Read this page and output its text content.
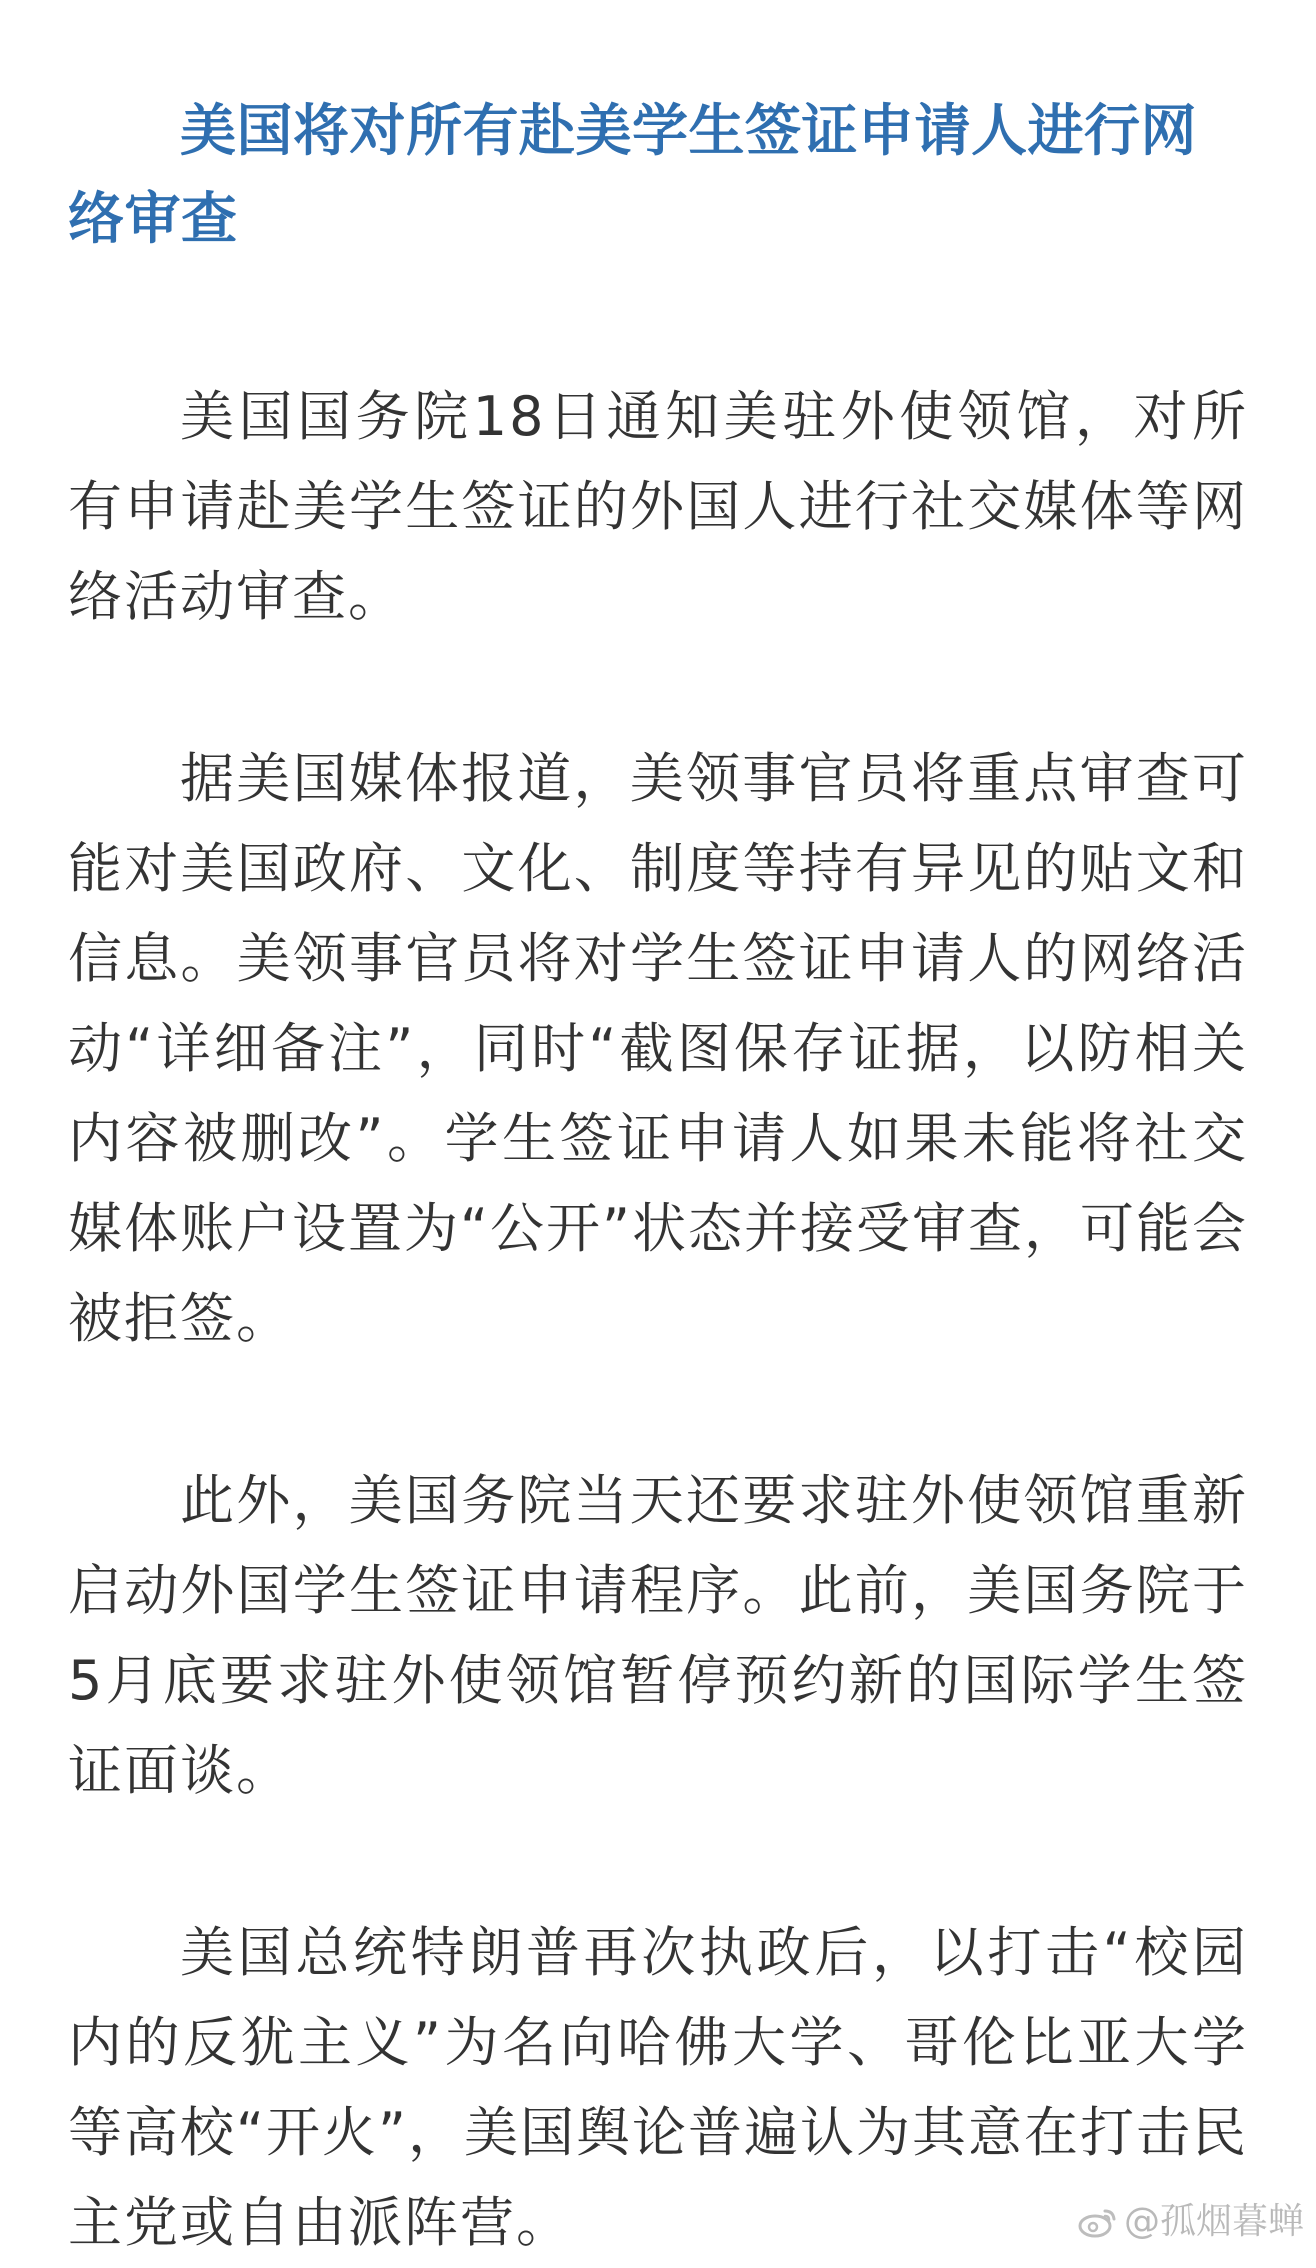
美国将对所有赴美学生签证申请人进行网络审查

美国国务院18日通知美驻外使领馆，对所有申请赴美学生签证的外国人进行社交媒体等网络活动审查。

据美国媒体报道，美领事官员将重点审查可能对美国政府、文化、制度等持有异见的贴文和信息。美领事官员将对学生签证申请人的网络活动“详细备注”，同时“截图保存证据，以防相关内容被删改”。学生签证申请人如果未能将社交媒体账户设置为“公开”状态并接受审查，可能会被拒签。

此外，美国务院当天还要求驻外使领馆重新启动外国学生签证申请程序。此前，美国务院于5月底要求驻外使领馆暂停预约新的国际学生签证面谈。

美国总统特朗普再次执政后，以打击“校园内的反犹主义”为名向哈佛大学、哥伦比亚大学等高校“开火”，美国舆论普遍认为其意在打击民主党或自由派阵营。	@孤烟暮蝉
